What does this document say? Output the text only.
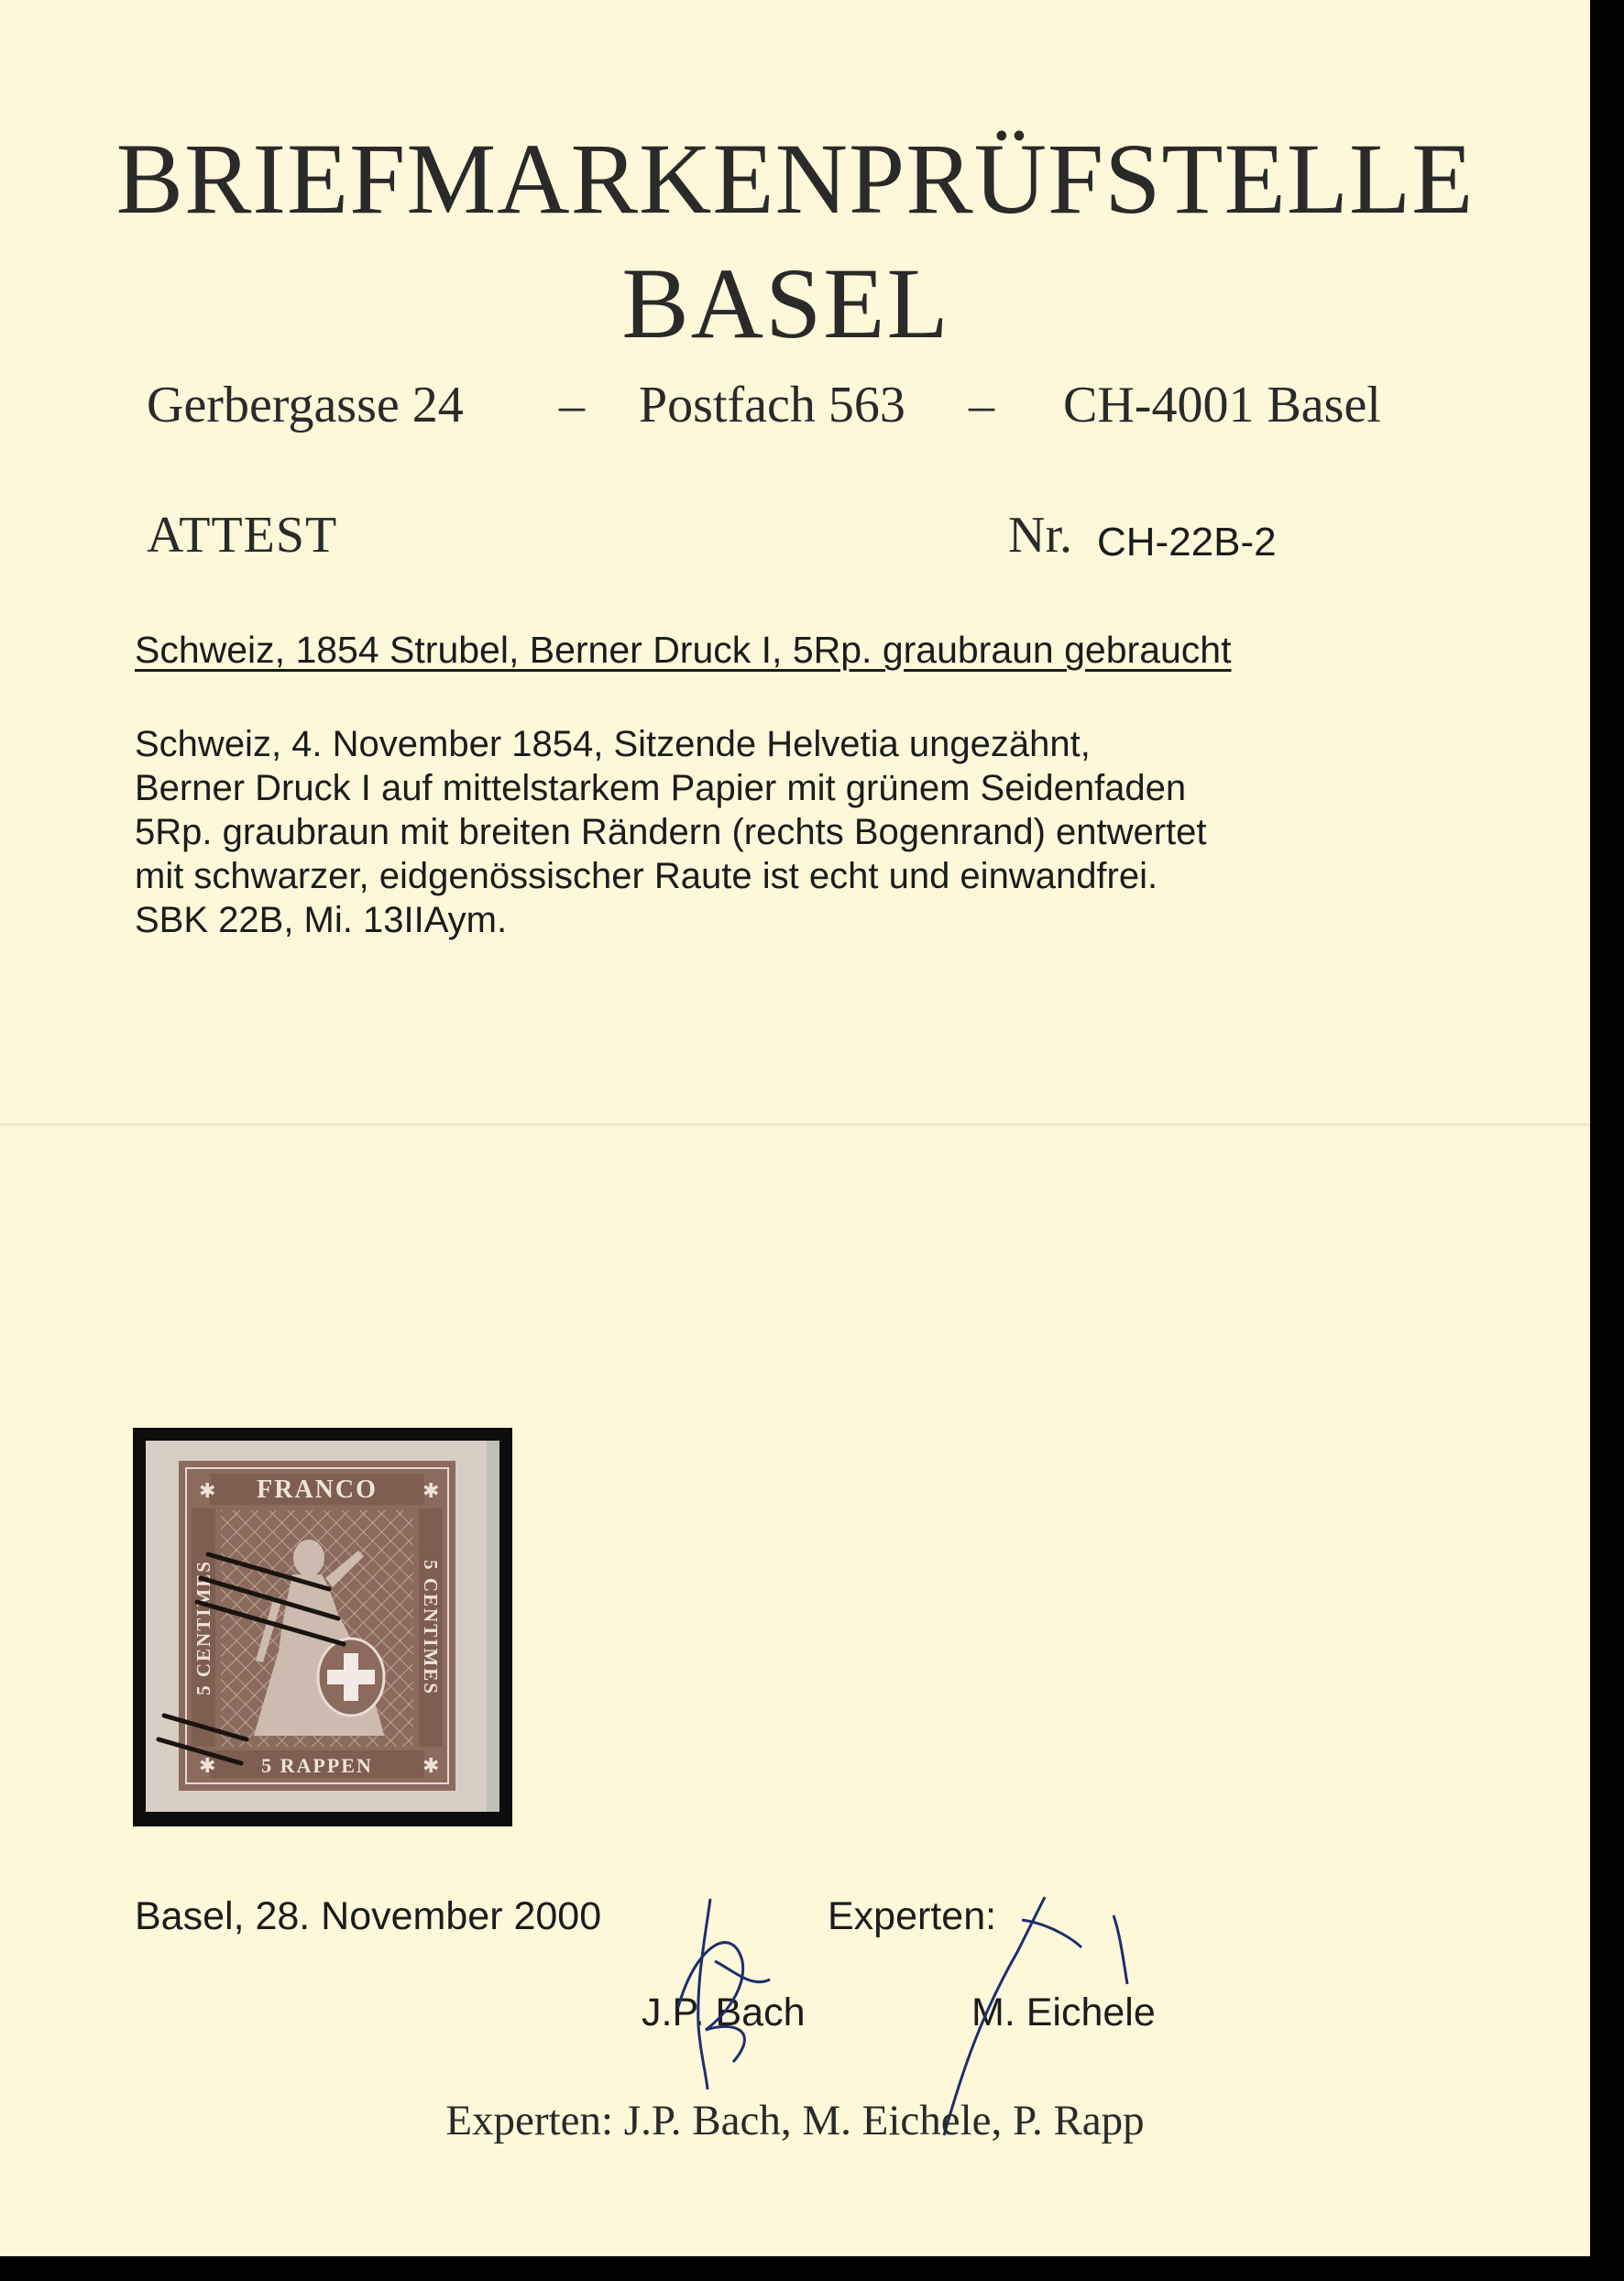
BRIEFMARKENPRÜFSTELLE
BASEL
Gerbergasse 24 – Postfach 563 – CH-4001 Basel
ATTEST	Nr. CH-22B-2
Schweiz, 1854 Strubel, Berner Druck I, 5Rp. graubraun gebraucht
Schweiz, 4. November 1854, Sitzende Helvetia ungezähnt,
Berner Druck I auf mittelstarkem Papier mit grünem Seidenfaden
5Rp. graubraun mit breiten Rändern (rechts Bogenrand) entwertet
mit schwarzer, eidgenössischer Raute ist echt und einwandfrei.
SBK 22B, Mi. 13IIAym.
FRANCO
5 RAPPEN
5 CENTIMES	5 CENTIMES
✱	✱
✱	✱
Basel, 28. November 2000	Experten:
J.P. Bach	M. Eichele
Experten: J.P. Bach, M. Eichele, P. Rapp
